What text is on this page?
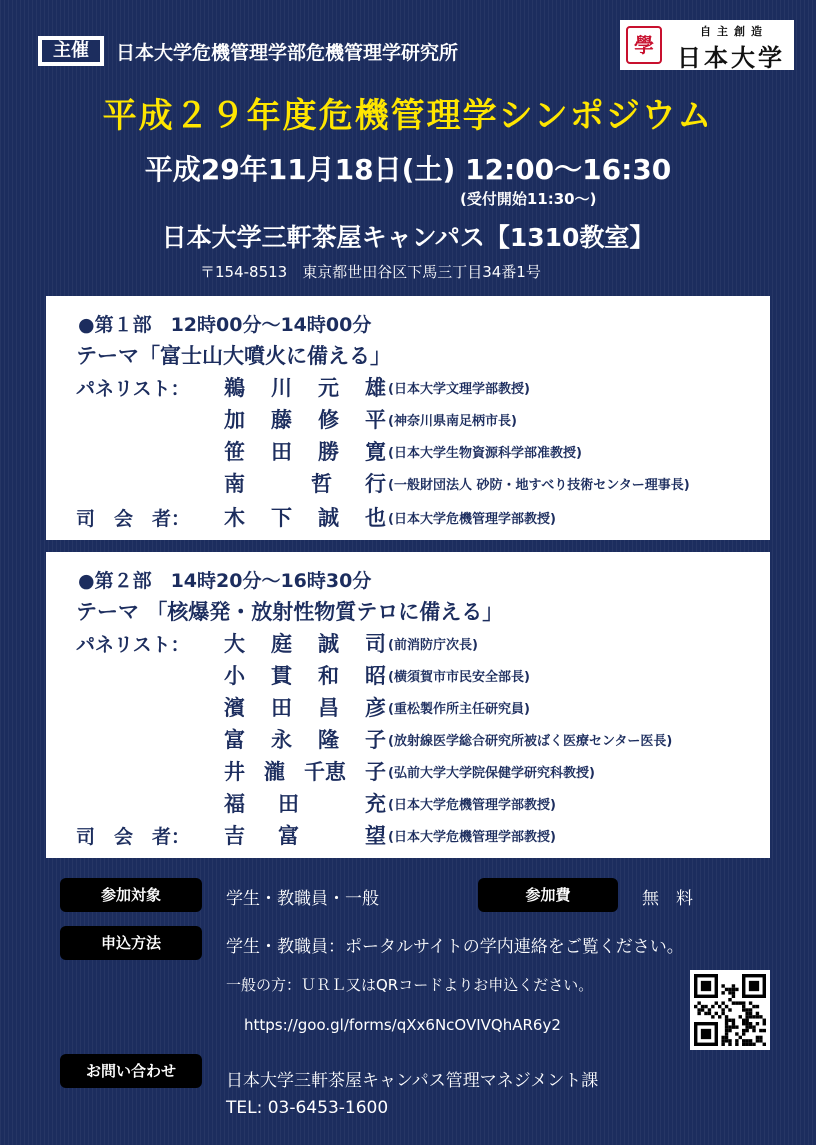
主催	日本大学危機管理学部危機管理学研究所	學
自主創造
日本大学
平成２９年度危機管理学シンポジウム
平成29年11月18日(土) 12:00～16:30
(受付開始11:30～)
日本大学三軒茶屋キャンパス【1310教室】
〒154-8513　東京都世田谷区下馬三丁目34番1号
●第１部　12時00分～14時00分
テーマ「富士山大噴火に備える」
パネリスト： 鵜 川 元 雄 (日本大学文理学部教授)
加 藤 修 平 (神奈川県南足柄市長)
笹 田 勝 寛 (日本大学生物資源科学部准教授)
南	哲 行 (一般財団法人 砂防・地すべり技術センター理事長)
司　会　者： 木 下 誠 也 (日本大学危機管理学部教授)
●第２部　14時20分～16時30分
テーマ 「核爆発・放射性物質テロに備える」
パネリスト： 大 庭 誠 司 (前消防庁次長)
小 貫 和 昭 (横須賀市市民安全部長)
濱 田 昌 彦 (重松製作所主任研究員)
富 永 隆 子 (放射線医学総合研究所被ばく医療センター医長)
井 瀧 千恵 子 (弘前大学大学院保健学研究科教授)
福 田	充 (日本大学危機管理学部教授)
司　会　者： 吉 富	望 (日本大学危機管理学部教授)
参加対象	学生・教職員・一般	参加費	無　料
申込方法	学生・教職員：ポータルサイトの学内連絡をご覧ください。
一般の方：ＵＲＬ又はQRコードよりお申込ください。
https://goo.gl/forms/qXx6NcOVIVQhAR6y2
お問い合わせ	日本大学三軒茶屋キャンパス管理マネジメント課
TEL: 03-6453-1600
